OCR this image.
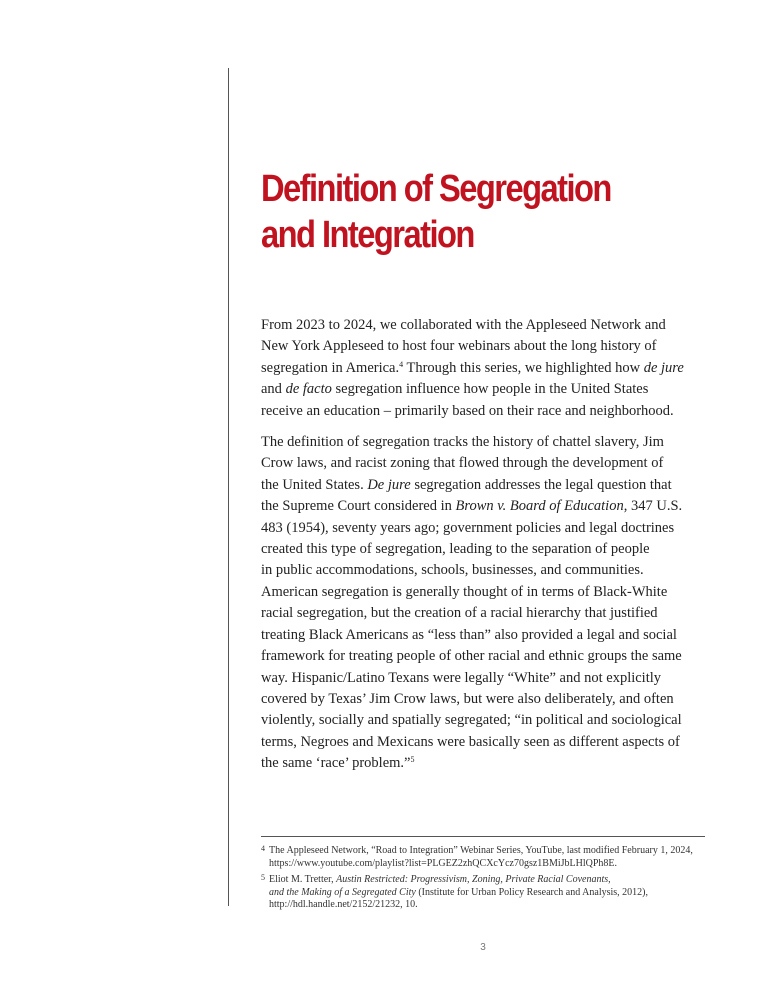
Definition of Segregation
and Integration

From 2023 to 2024, we collaborated with the Appleseed Network and
New York Appleseed to host four webinars about the long history of
segregation in America.$^4$ Through this series, we highlighted how de jure
and de facto segregation influence how people in the United States
receive an education – primarily based on their race and neighborhood.

The definition of segregation tracks the history of chattel slavery, Jim
Crow laws, and racist zoning that flowed through the development of
the United States. De jure segregation addresses the legal question that
the Supreme Court considered in Brown v. Board of Education, 347 U.S.
483 (1954), seventy years ago; government policies and legal doctrines
created this type of segregation, leading to the separation of people
in public accommodations, schools, businesses, and communities.
American segregation is generally thought of in terms of Black-White
racial segregation, but the creation of a racial hierarchy that justified
treating Black Americans as “less than” also provided a legal and social
framework for treating people of other racial and ethnic groups the same
way. Hispanic/Latino Texans were legally “White” and not explicitly
covered by Texas’ Jim Crow laws, but were also deliberately, and often
violently, socially and spatially segregated; “in political and sociological
terms, Negroes and Mexicans were basically seen as different aspects of
the same ‘race’ problem.”$^5$

4 The Appleseed Network, “Road to Integration” Webinar Series, YouTube, last modified February 1, 2024,
https://www.youtube.com/playlist?list=PLGEZ2zhQCXcYcz70gsz1BMiJbLHlQPh8E.
5 Eliot M. Tretter, Austin Restricted: Progressivism, Zoning, Private Racial Covenants,
and the Making of a Segregated City (Institute for Urban Policy Research and Analysis, 2012),
http://hdl.handle.net/2152/21232, 10.
3
